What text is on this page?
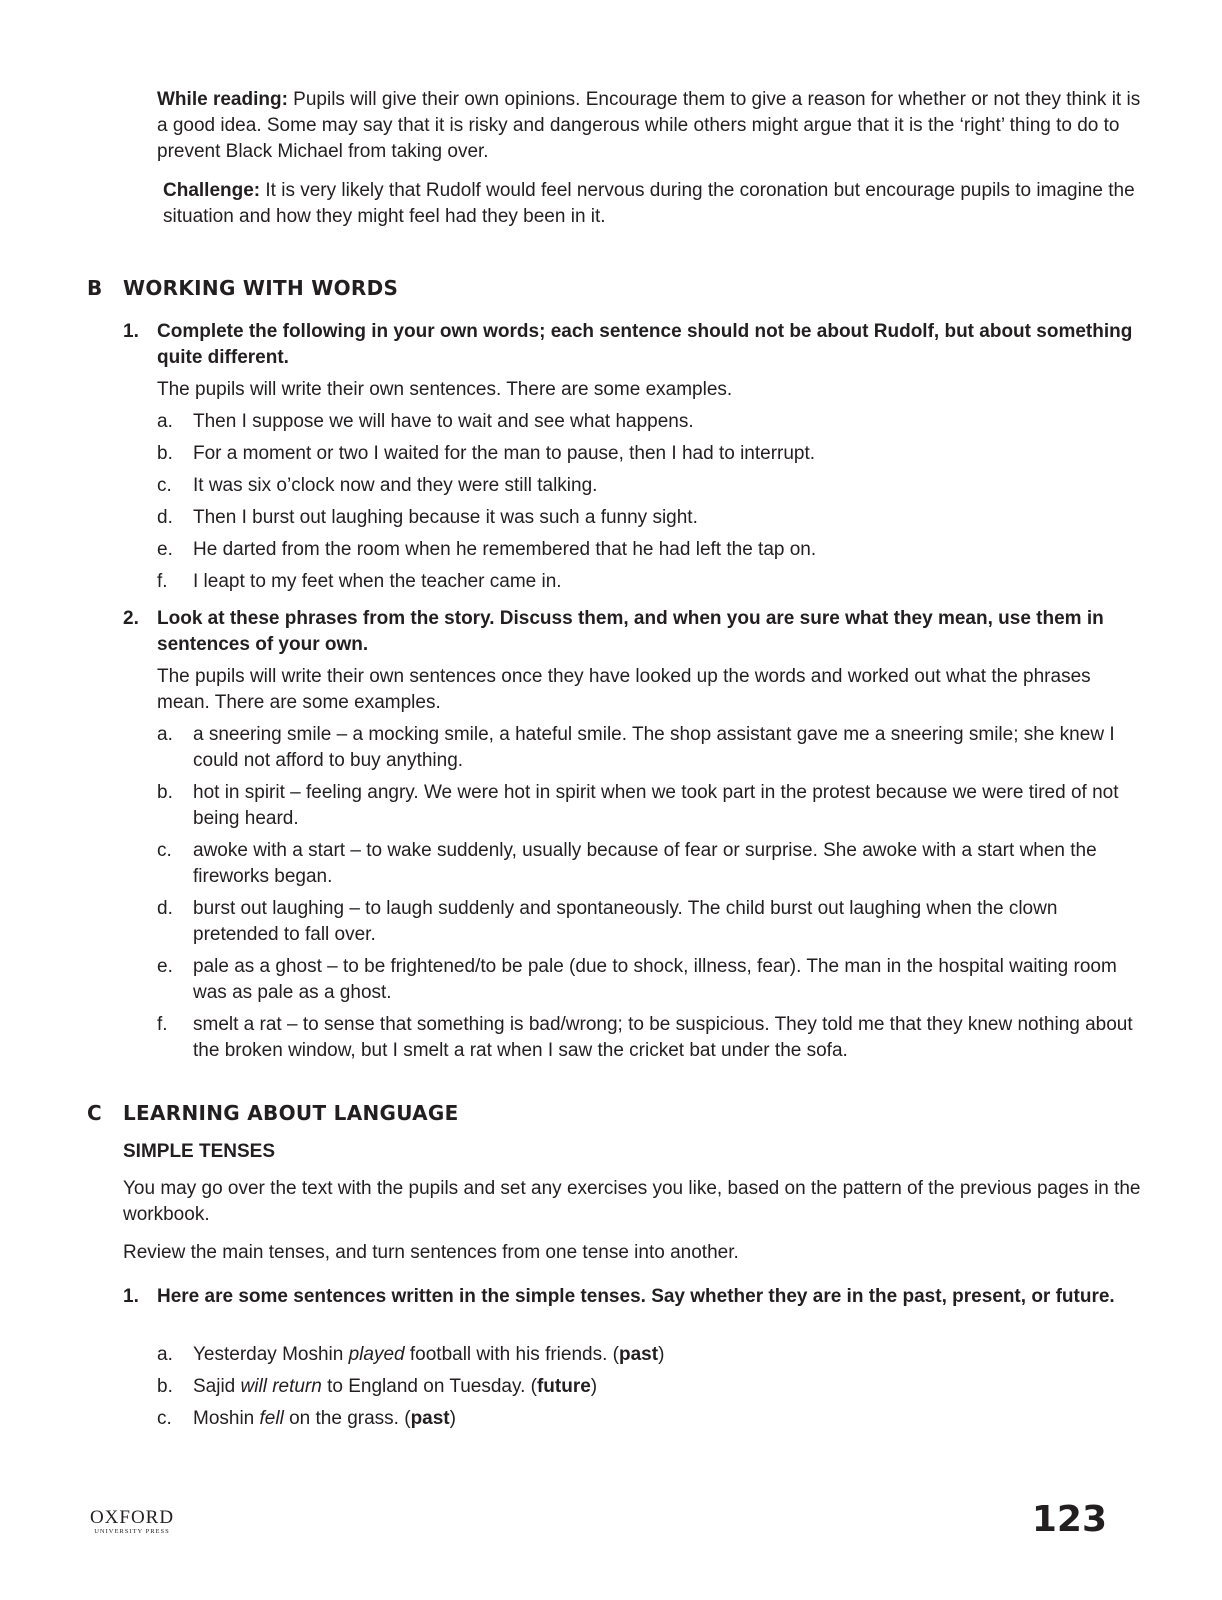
While reading: Pupils will give their own opinions. Encourage them to give a reason for whether or not they think it is a good idea. Some may say that it is risky and dangerous while others might argue that it is the ‘right’ thing to do to prevent Black Michael from taking over.

Challenge: It is very likely that Rudolf would feel nervous during the coronation but encourage pupils to imagine the situation and how they might feel had they been in it.

B WORKING WITH WORDS
1. Complete the following in your own words; each sentence should not be about Rudolf, but about something quite different.

The pupils will write their own sentences. There are some examples.

a. Then I suppose we will have to wait and see what happens.
b. For a moment or two I waited for the man to pause, then I had to interrupt.
c. It was six o’clock now and they were still talking.
d. Then I burst out laughing because it was such a funny sight.
e. He darted from the room when he remembered that he had left the tap on.
f. I leapt to my feet when the teacher came in.
2. Look at these phrases from the story. Discuss them, and when you are sure what they mean, use them in sentences of your own.

The pupils will write their own sentences once they have looked up the words and worked out what the phrases mean. There are some examples.

a. a sneering smile – a mocking smile, a hateful smile. The shop assistant gave me a sneering smile; she knew I could not afford to buy anything.
b. hot in spirit – feeling angry. We were hot in spirit when we took part in the protest because we were tired of not being heard.
c. awoke with a start – to wake suddenly, usually because of fear or surprise. She awoke with a start when the fireworks began.
d. burst out laughing – to laugh suddenly and spontaneously. The child burst out laughing when the clown pretended to fall over.
e. pale as a ghost – to be frightened/to be pale (due to shock, illness, fear). The man in the hospital waiting room was as pale as a ghost.
f. smelt a rat – to sense that something is bad/wrong; to be suspicious. They told me that they knew nothing about the broken window, but I smelt a rat when I saw the cricket bat under the sofa.
C LEARNING ABOUT LANGUAGE
SIMPLE TENSES

You may go over the text with the pupils and set any exercises you like, based on the pattern of the previous pages in the workbook.

Review the main tenses, and turn sentences from one tense into another.

1. Here are some sentences written in the simple tenses. Say whether they are in the past, present, or future.

a. Yesterday Moshin played football with his friends. (past)
b. Sajid will return to England on Tuesday. (future)
c. Moshin fell on the grass. (past)
OXFORD
UNIVERSITY PRESS	123
